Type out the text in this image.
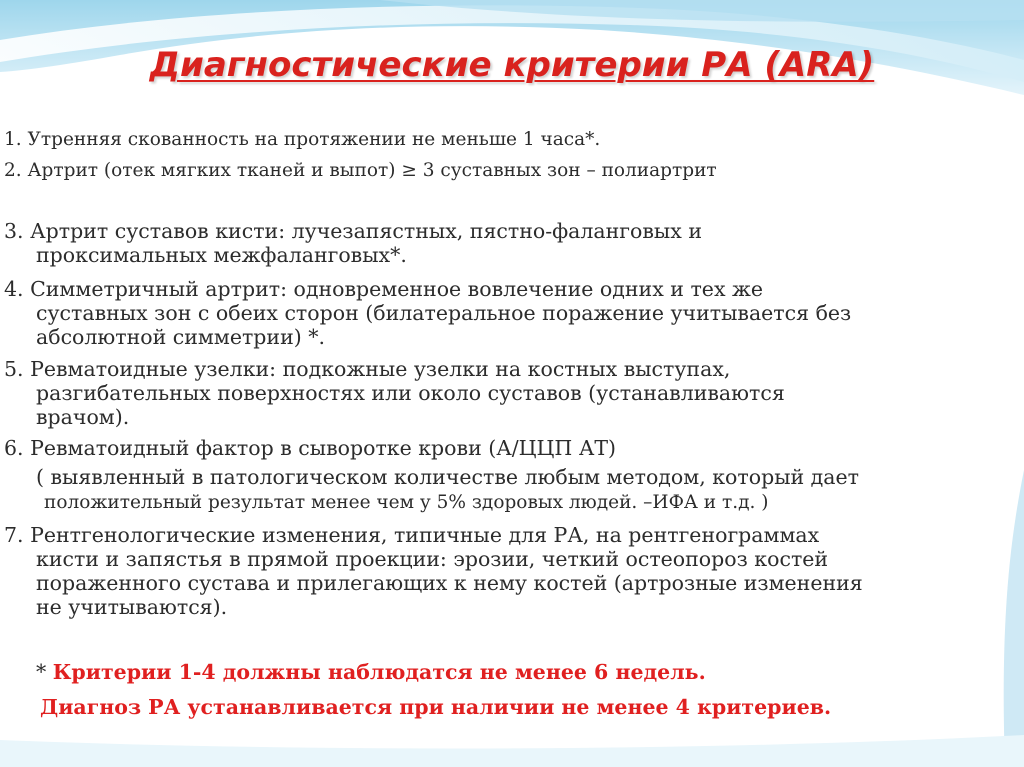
Диагностические критерии РА (ARA)
1. Утренняя скованность на протяжении не меньше 1 часа*.
2. Артрит (отек мягких тканей и выпот) ≥ 3 суставных зон – полиартрит
3. Артрит суставов кисти: лучезапястных, пястно-фаланговых и
проксимальных межфаланговых*.
4. Симметричный артрит: одновременное вовлечение одних и тех же
суставных зон с обеих сторон (билатеральное поражение учитывается без
абсолютной симметрии) *.
5. Ревматоидные узелки: подкожные узелки на костных выступах,
разгибательных поверхностях или около суставов (устанавливаются
врачом).
6. Ревматоидный фактор в сыворотке крови (А/ЦЦП АТ)
( выявленный в патологическом количестве любым методом, который дает
положительный результат менее чем у 5% здоровых людей. –ИФА и т.д. )
7. Рентгенологические изменения, типичные для РА, на рентгенограммах
кисти и запястья в прямой проекции: эрозии, четкий остеопороз костей
пораженного сустава и прилегающих к нему костей (артрозные изменения
не учитываются).
* Критерии 1-4 должны наблюдатся не менее 6 недель.
Диагноз РА устанавливается при наличии не менее 4 критериев.
